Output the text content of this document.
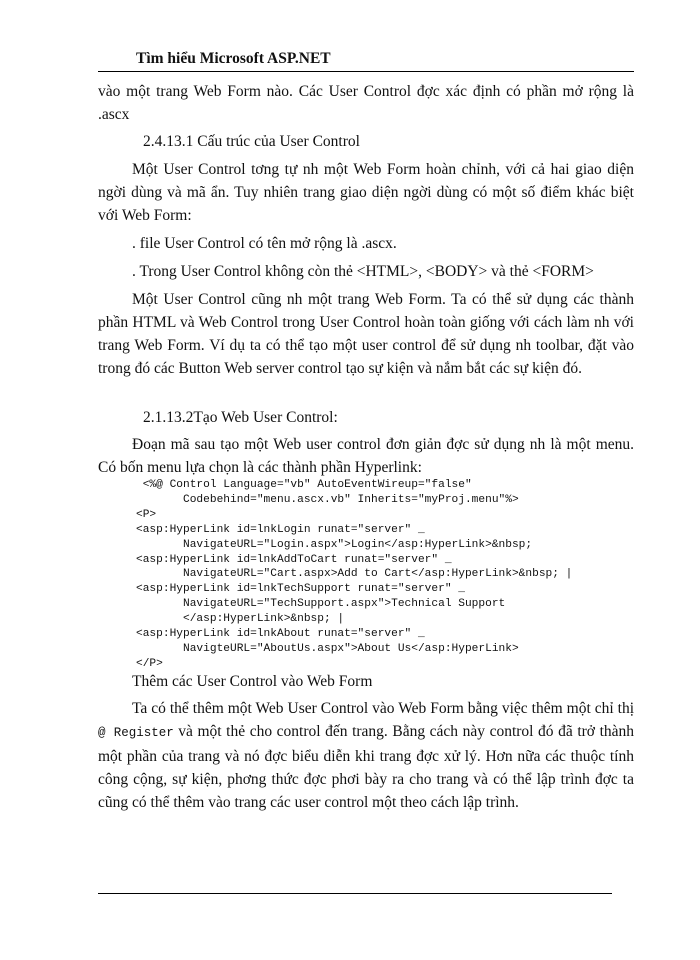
Tìm hiểu Microsoft ASP.NET

vào một trang Web Form nào. Các User Control đợc xác định có phần mở rộng là .ascx

2.4.13.1 Cấu trúc của User Control

Một User Control tơng tự nh một Web Form hoàn chỉnh, với cả hai giao diện ngời dùng và mã ẩn. Tuy nhiên trang giao diện ngời dùng có một số điểm khác biệt với Web Form:

. file User Control có tên mở rộng là .ascx.
. Trong User Control không còn thẻ <HTML>, <BODY> và thẻ <FORM>

Một User Control cũng nh một trang Web Form. Ta có thể sử dụng các thành phần HTML và Web Control trong User Control hoàn toàn giống với cách làm nh với trang Web Form. Ví dụ ta có thể tạo một user control để sử dụng nh toolbar, đặt vào trong đó các Button Web server control tạo sự kiện và nắm bắt các sự kiện đó.

2.1.13.2Tạo Web User Control:

Đoạn mã sau tạo một Web user control đơn giản đợc sử dụng nh là một menu. Có bốn menu lựa chọn là các thành phần Hyperlink:

<%@ Control Language="vb" AutoEventWireup="false"
Codebehind="menu.ascx.vb" Inherits="myProj.menu"%>
<P>
<asp:HyperLink id=lnkLogin runat="server" _
NavigateURL="Login.aspx">Login</asp:HyperLink>&nbsp;
<asp:HyperLink id=lnkAddToCart runat="server" _
NavigateURL="Cart.aspx>Add to Cart</asp:HyperLink>&nbsp; |
<asp:HyperLink id=lnkTechSupport runat="server" _
NavigateURL="TechSupport.aspx">Technical Support
</asp:HyperLink>&nbsp; |
<asp:HyperLink id=lnkAbout runat="server" _
NavigteURL="AboutUs.aspx">About Us</asp:HyperLink>
</P>
Thêm các User Control vào Web Form

Ta có thể thêm một Web User Control vào Web Form bằng việc thêm một chỉ thị @ Register và một thẻ cho control đến trang. Bằng cách này control đó đã trở thành một phần của trang và nó đợc biểu diễn khi trang đợc xử lý. Hơn nữa các thuộc tính công cộng, sự kiện, phơng thức đợc phơi bày ra cho trang và có thể lập trình đợc ta cũng có thể thêm vào trang các user control một theo cách lập trình.
